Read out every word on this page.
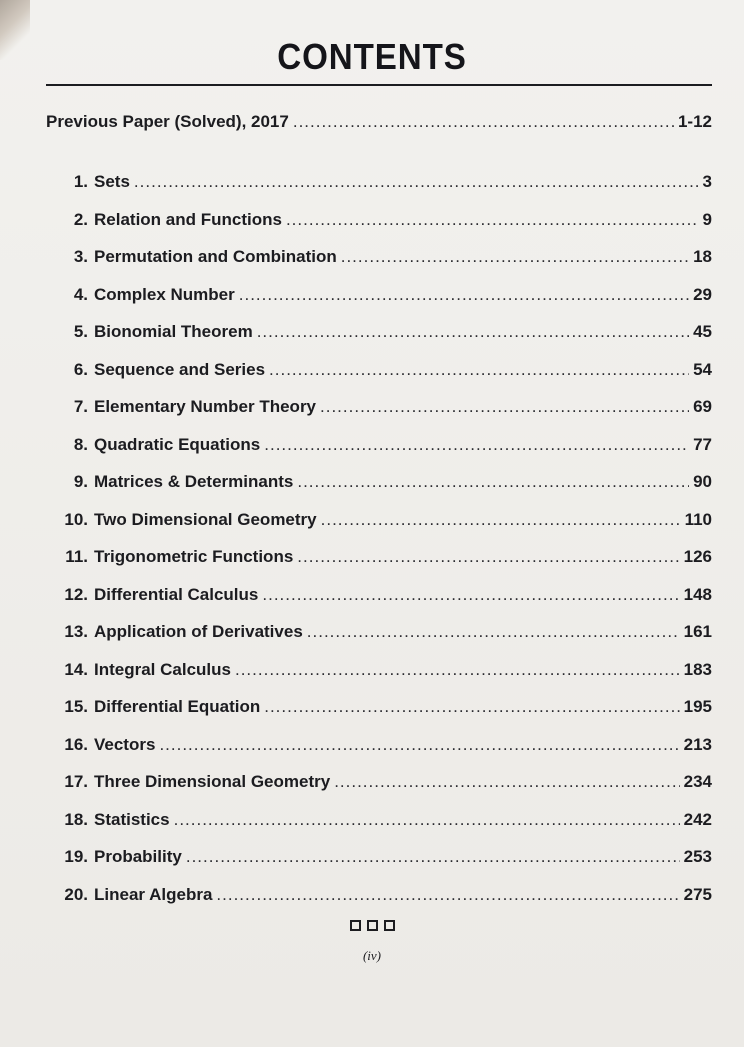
CONTENTS
Previous Paper (Solved), 2017 .....	1-12
1. Sets .....	3
2. Relation and Functions .....	9
3. Permutation and Combination .....	18
4. Complex Number .....	29
5. Bionomial Theorem .....	45
6. Sequence and Series .....	54
7. Elementary Number Theory .....	69
8. Quadratic Equations .....	77
9. Matrices & Determinants .....	90
10. Two Dimensional Geometry .....	110
11. Trigonometric Functions .....	126
12. Differential Calculus .....	148
13. Application of Derivatives .....	161
14. Integral Calculus .....	183
15. Differential Equation .....	195
16. Vectors .....	213
17. Three Dimensional Geometry .....	234
18. Statistics .....	242
19. Probability .....	253
20. Linear Algebra .....	275
(iv)
